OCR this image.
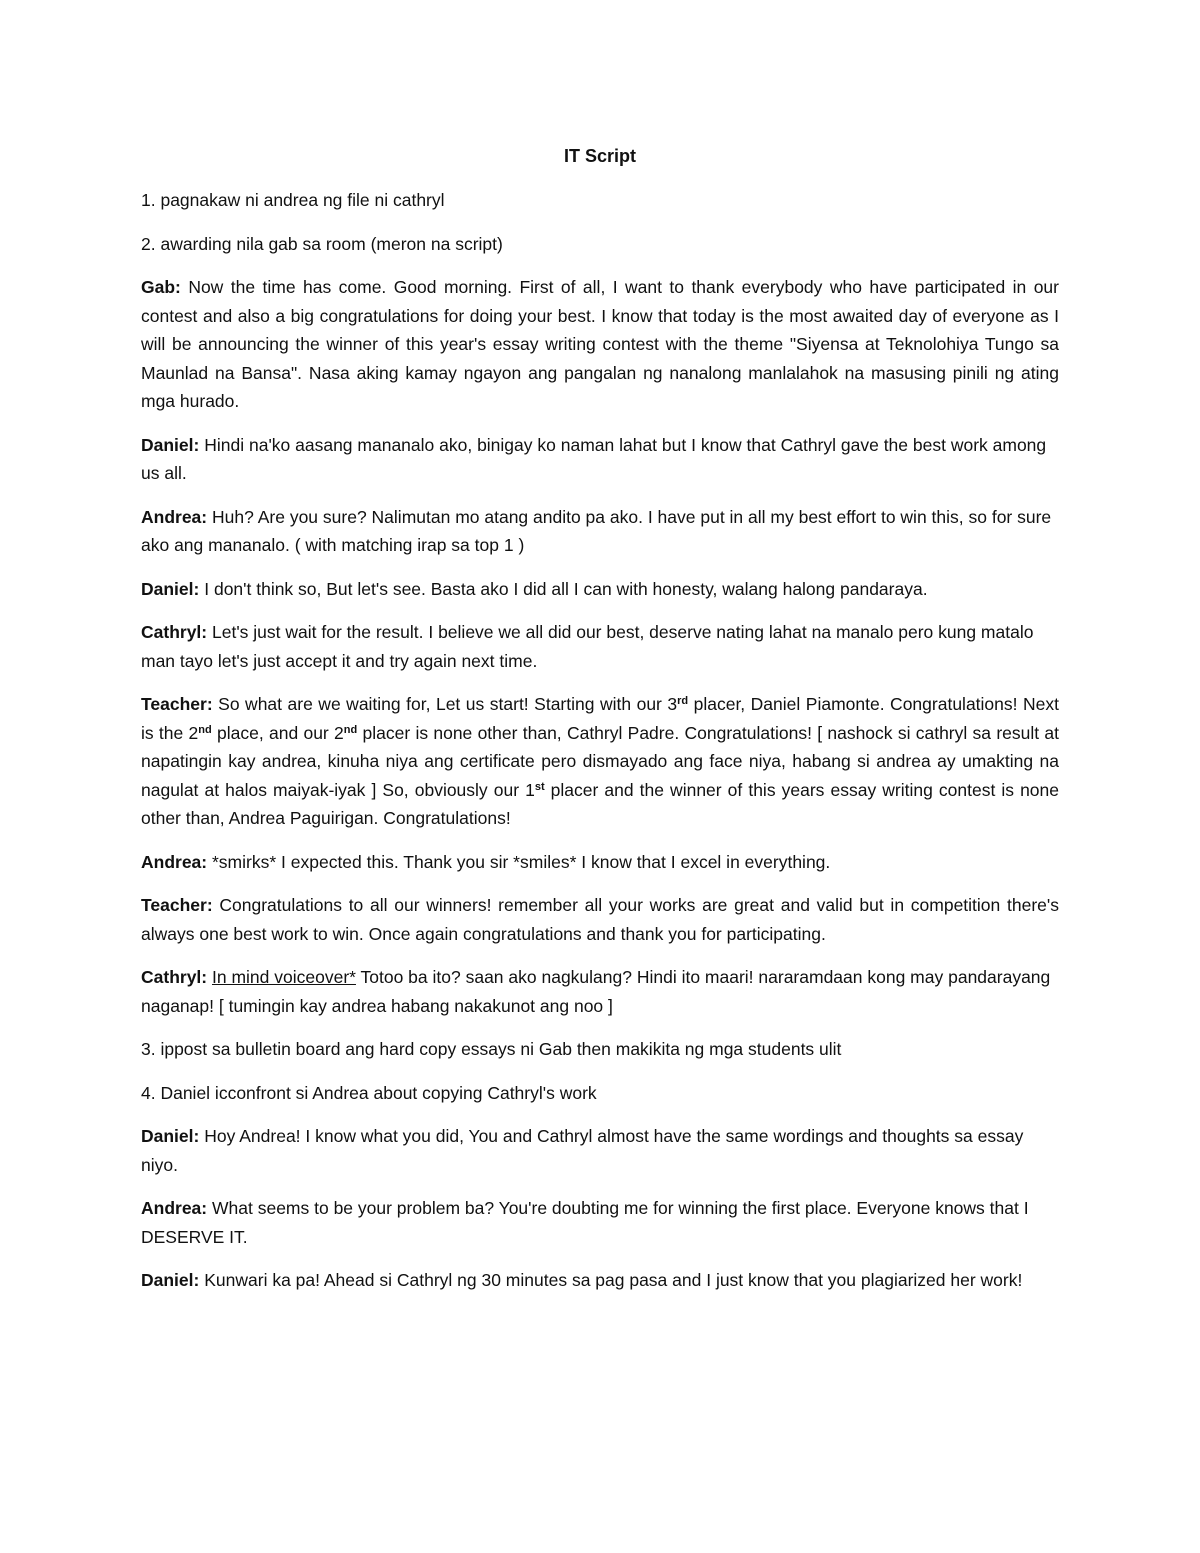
IT Script

1. pagnakaw ni andrea ng file ni cathryl

2. awarding nila gab sa room (meron na script)

Gab: Now the time has come. Good morning. First of all, I want to thank everybody who have participated in our contest and also a big congratulations for doing your best. I know that today is the most awaited day of everyone as I will be announcing the winner of this year's essay writing contest with the theme "Siyensa at Teknolohiya Tungo sa Maunlad na Bansa". Nasa aking kamay ngayon ang pangalan ng nanalong manlalahok na masusing pinili ng ating mga hurado.

Daniel: Hindi na'ko aasang mananalo ako, binigay ko naman lahat but I know that Cathryl gave the best work among us all.

Andrea: Huh? Are you sure? Nalimutan mo atang andito pa ako. I have put in all my best effort to win this, so for sure ako ang mananalo. ( with matching irap sa top 1 )

Daniel: I don't think so, But let's see. Basta ako I did all I can with honesty, walang halong pandaraya.

Cathryl: Let's just wait for the result. I believe we all did our best, deserve nating lahat na manalo pero kung matalo man tayo let's just accept it and try again next time.

Teacher: So what are we waiting for, Let us start! Starting with our 3rd placer, Daniel Piamonte. Congratulations! Next is the 2nd place, and our 2nd placer is none other than, Cathryl Padre. Congratulations! [ nashock si cathryl sa result at napatingin kay andrea, kinuha niya ang certificate pero dismayado ang face niya, habang si andrea ay umakting na nagulat at halos maiyak-iyak ] So, obviously our 1st placer and the winner of this years essay writing contest is none other than, Andrea Paguirigan. Congratulations!

Andrea: *smirks* I expected this. Thank you sir *smiles* I know that I excel in everything.

Teacher: Congratulations to all our winners! remember all your works are great and valid but in competition there's always one best work to win. Once again congratulations and thank you for participating.

Cathryl: In mind voiceover* Totoo ba ito? saan ako nagkulang? Hindi ito maari! nararamdaan kong may pandarayang naganap! [ tumingin kay andrea habang nakakunot ang noo ]

3. ippost sa bulletin board ang hard copy essays ni Gab then makikita ng mga students ulit

4. Daniel icconfront si Andrea about copying Cathryl's work

Daniel: Hoy Andrea! I know what you did, You and Cathryl almost have the same wordings and thoughts sa essay niyo.

Andrea: What seems to be your problem ba? You're doubting me for winning the first place. Everyone knows that I DESERVE IT.

Daniel: Kunwari ka pa! Ahead si Cathryl ng 30 minutes sa pag pasa and I just know that you plagiarized her work!
